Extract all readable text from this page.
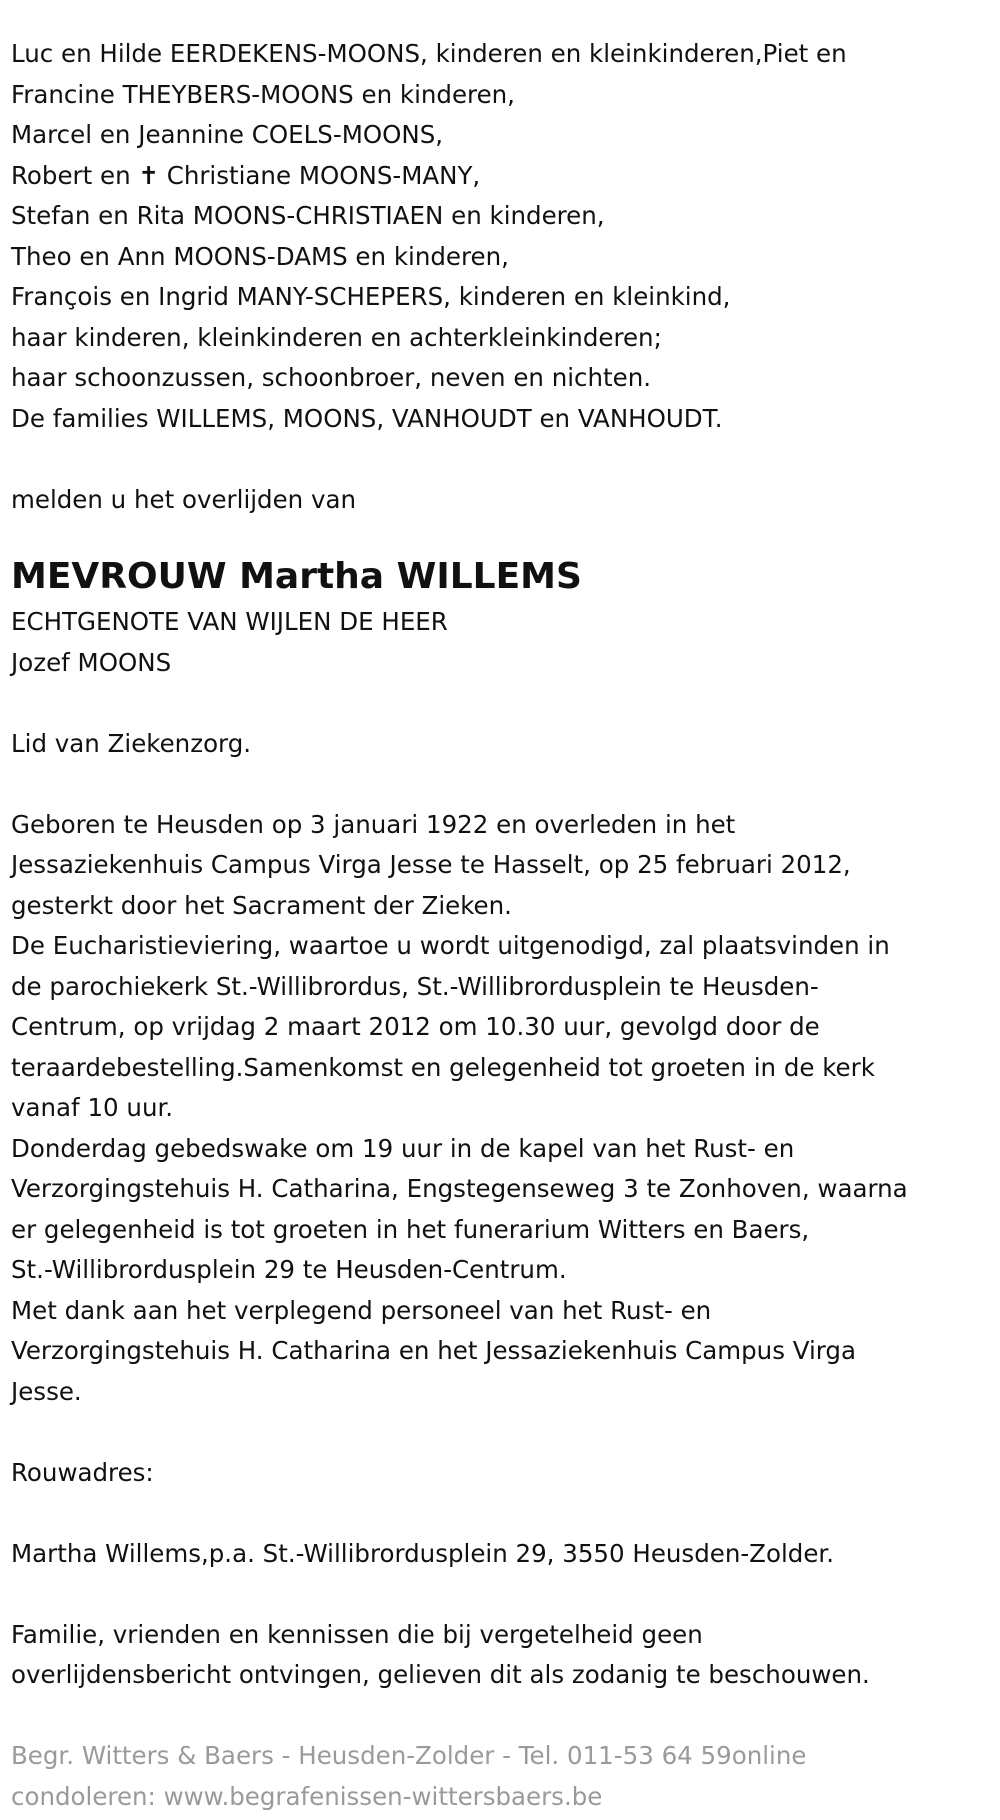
Luc en Hilde EERDEKENS-MOONS, kinderen en kleinkinderen,Piet en
Francine THEYBERS-MOONS en kinderen,
Marcel en Jeannine COELS-MOONS,
Robert en ✝ Christiane MOONS-MANY,
Stefan en Rita MOONS-CHRISTIAEN en kinderen,
Theo en Ann MOONS-DAMS en kinderen,
François en Ingrid MANY-SCHEPERS, kinderen en kleinkind,
haar kinderen, kleinkinderen en achterkleinkinderen;
haar schoonzussen, schoonbroer, neven en nichten.
De families WILLEMS, MOONS, VANHOUDT en VANHOUDT.
melden u het overlijden van
MEVROUW Martha WILLEMS
ECHTGENOTE VAN WIJLEN DE HEER
Jozef MOONS
Lid van Ziekenzorg.
Geboren te Heusden op 3 januari 1922 en overleden in het
Jessaziekenhuis Campus Virga Jesse te Hasselt, op 25 februari 2012,
gesterkt door het Sacrament der Zieken.
De Eucharistieviering, waartoe u wordt uitgenodigd, zal plaatsvinden in
de parochiekerk St.-Willibrordus, St.-Willibrordusplein te Heusden-
Centrum, op vrijdag 2 maart 2012 om 10.30 uur, gevolgd door de
teraardebestelling.Samenkomst en gelegenheid tot groeten in de kerk
vanaf 10 uur.
Donderdag gebedswake om 19 uur in de kapel van het Rust- en
Verzorgingstehuis H. Catharina, Engstegenseweg 3 te Zonhoven, waarna
er gelegenheid is tot groeten in het funerarium Witters en Baers,
St.-Willibrordusplein 29 te Heusden-Centrum.
Met dank aan het verplegend personeel van het Rust- en
Verzorgingstehuis H. Catharina en het Jessaziekenhuis Campus Virga
Jesse.
Rouwadres:
Martha Willems,p.a. St.-Willibrordusplein 29, 3550 Heusden-Zolder.
Familie, vrienden en kennissen die bij vergetelheid geen
overlijdensbericht ontvingen, gelieven dit als zodanig te beschouwen.
Begr. Witters & Baers - Heusden-Zolder - Tel. 011-53 64 59online
condoleren: www.begrafenissen-wittersbaers.be
